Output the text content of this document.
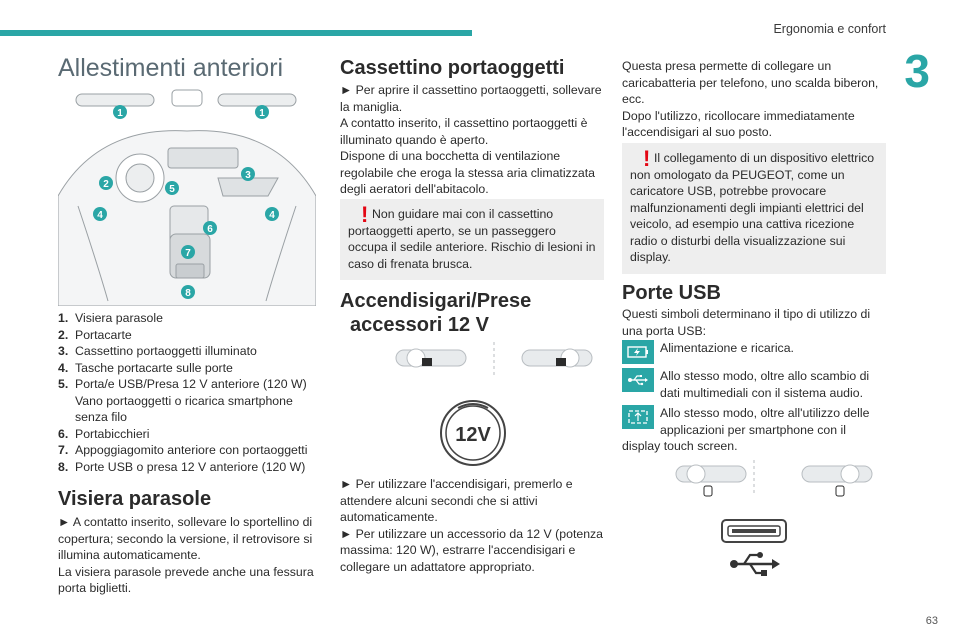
Ergonomia e confort
3
63
Allestimenti anteriori
1	1
2
3
4	4
5
6
7
8
1. Visiera parasole
2. Portacarte
3. Cassettino portaoggetti illuminato
4. Tasche portacarte sulle porte
5. Porta/e USB/Presa 12 V anteriore (120 W) Vano portaoggetti o ricarica smartphone senza filo
6. Portabicchieri
7. Appoggiagomito anteriore con portaoggetti
8. Porte USB o presa 12 V anteriore (120 W)
Visiera parasole

► A contatto inserito, sollevare lo sportellino di copertura; secondo la versione, il retrovisore si illumina automaticamente.

La visiera parasole prevede anche una fessura porta biglietti.

Cassettino portaoggetti

► Per aprire il cassettino portaoggetti, sollevare la maniglia.

A contatto inserito, il cassettino portaoggetti è illuminato quando è aperto.

Dispone di una bocchetta di ventilazione regolabile che eroga la stessa aria climatizzata degli aeratori dell'abitacolo.

! Non guidare mai con il cassettino portaoggetti aperto, se un passeggero occupa il sedile anteriore. Rischio di lesioni in caso di frenata brusca.

Accendisigari/Prese
accessori 12 V
12V

► Per utilizzare l'accendisigari, premerlo e attendere alcuni secondi che si attivi automaticamente.

► Per utilizzare un accessorio da 12 V (potenza massima: 120 W), estrarre l'accendisigari e collegare un adattatore appropriato.

Questa presa permette di collegare un caricabatteria per telefono, uno scalda biberon, ecc.

Dopo l'utilizzo, ricollocare immediatamente l'accendisigari al suo posto.

! Il collegamento di un dispositivo elettrico non omologato da PEUGEOT, come un caricatore USB, potrebbe provocare malfunzionamenti degli impianti elettrici del veicolo, ad esempio una cattiva ricezione radio o disturbi della visualizzazione sui display.

Porte USB

Questi simboli determinano il tipo di utilizzo di una porta USB:

Alimentazione e ricarica.

Allo stesso modo, oltre allo scambio di dati multimediali con il sistema audio.

Allo stesso modo, oltre all'utilizzo delle applicazioni per smartphone con il display touch screen.
